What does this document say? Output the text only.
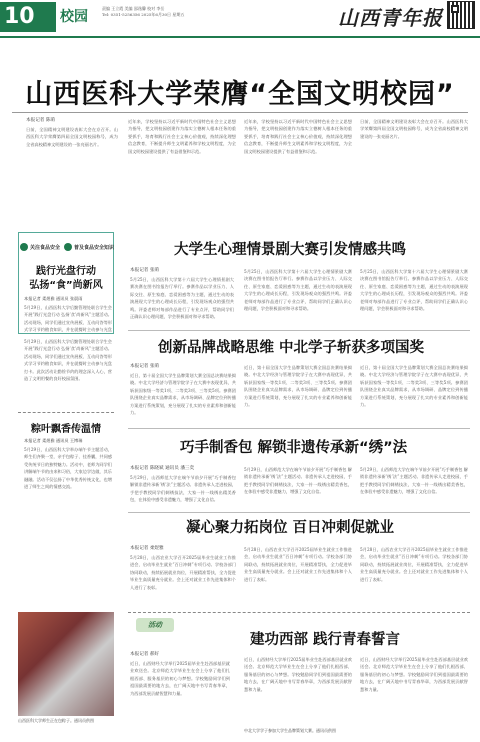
10	校园
责编 王立霞 美编 邵逸馨 校对 李岳
Tel: 0351-5256356 2025年6月30日 星期五	山西青年报
山西医科大学荣膺“全国文明校园”
本报记者 陈萌
日前，全国精神文明建设表彰大会在京召开。山西医科大学荣膺第四届全国文明校园称号，成为全省高校精神文明建设的一张亮丽名片。
近年来，学校坚持以习近平新时代中国特色社会主义思想为指导，把文明校园创建作为落实立德树人根本任务的重要抓手，培育和践行社会主义核心价值观，持续深化理想信念教育，不断提升师生文明素养和学校文明程度，为全国文明校园建设提供了有益借鉴和示范。
近年来，学校坚持以习近平新时代中国特色社会主义思想为指导，把文明校园创建作为落实立德树人根本任务的重要抓手，培育和践行社会主义核心价值观，持续深化理想信念教育，不断提升师生文明素养和学校文明程度，为全国文明校园建设提供了有益借鉴和示范。
日前，全国精神文明建设表彰大会在京召开。山西医科大学荣膺第四届全国文明校园称号，成为全省高校精神文明建设的一张亮丽名片。
关注食品安全	普及食品安全知识
践行光盘行动
弘扬“食”尚新风
本报记者 柔煜雅 通讯员 张晨雨
5月29日，山西医科大学后勤管理处联合学生会开展“践行光盘行动 弘扬‘食’尚新风”主题活动。活动现场，同学们通过宣传展板、互动问答等形式学习节约粮食知识，并在就餐时主动参与光盘
5月29日，山西医科大学后勤管理处联合学生会开展“践行光盘行动 弘扬‘食’尚新风”主题活动。活动现场，同学们通过宣传展板、互动问答等形式学习节约粮食知识，并在就餐时主动参与光盘打卡。此次活动让勤俭节约的理念深入人心，营造了文明用餐的良好校园氛围。
粽叶飘香传温情
本报记者 柔煜雅 通讯员 王博瑞
5月29日，山西医科大学举办端午节主题活动，师生们齐聚一堂，亲手包粽子、挂香囊，共同感受传统节日的独特魅力。活动中，老师为同学们讲解端午节的由来和习俗，大家边学边做，其乐融融。活动不仅弘扬了中华优秀传统文化，也增进了师生之间的情感交流。
山西医科大学师生正在包粽子。通讯员供图
大学生心理情景剧大赛引发情感共鸣
本报记者 张萌
5月25日，山西医科大学第十六届大学生心理情景剧大赛决赛在图书馆报告厅举行。参赛作品以学业压力、人际交往、原生家庭、恋爱困惑等为主题，通过生动的表演展现大学生的心理成长历程，引发现场观众的强烈共鸣。评委老师对每部作品进行了专业点评，帮助同学们正确认识心理问题，学会积极面对和寻求帮助。
5月25日，山西医科大学第十六届大学生心理情景剧大赛决赛在图书馆报告厅举行。参赛作品以学业压力、人际交往、原生家庭、恋爱困惑等为主题，通过生动的表演展现大学生的心理成长历程，引发现场观众的强烈共鸣。评委老师对每部作品进行了专业点评，帮助同学们正确认识心理问题，学会积极面对和寻求帮助。
5月25日，山西医科大学第十六届大学生心理情景剧大赛决赛在图书馆报告厅举行。参赛作品以学业压力、人际交往、原生家庭、恋爱困惑等为主题，通过生动的表演展现大学生的心理成长历程，引发现场观众的强烈共鸣。评委老师对每部作品进行了专业点评，帮助同学们正确认识心理问题，学会积极面对和寻求帮助。
创新品牌战略思维 中北学子斩获多项国奖
本报记者 张萌
近日，第十届全国大学生品牌策划大赛全国总决赛结果揭晓。中北大学经济与管理学院学子在大赛中表现优异，共斩获国家级一等奖1项、二等奖3项、三等奖5项。参赛团队围绕企业真实品牌需求，从市场调研、品牌定位到传播方案进行系统策划，充分展现了扎实的专业素养和创新能力。
近日，第十届全国大学生品牌策划大赛全国总决赛结果揭晓。中北大学经济与管理学院学子在大赛中表现优异，共斩获国家级一等奖1项、二等奖3项、三等奖5项。参赛团队围绕企业真实品牌需求，从市场调研、品牌定位到传播方案进行系统策划，充分展现了扎实的专业素养和创新能力。
近日，第十届全国大学生品牌策划大赛全国总决赛结果揭晓。中北大学经济与管理学院学子在大赛中表现优异，共斩获国家级一等奖1项、二等奖3项、三等奖5项。参赛团队围绕企业真实品牌需求，从市场调研、品牌定位到传播方案进行系统策划，充分展现了扎实的专业素养和创新能力。
巧手制香包 解锁非遗传承新“绣”法
本报记者 陈晓斌 通讯员 潘三奕
5月29日，山西师范大学在端午节前夕开展“巧手制香包 解锁非遗传承新‘绣’法”主题活动。非遗传承人走进校园，手把手教授同学们刺绣技法，大家一针一线绣出精美香包，在体验中感受非遗魅力，增强了文化自信。
5月29日，山西师范大学在端午节前夕开展“巧手制香包 解锁非遗传承新‘绣’法”主题活动。非遗传承人走进校园，手把手教授同学们刺绣技法，大家一针一线绣出精美香包，在体验中感受非遗魅力，增强了文化自信。
5月29日，山西师范大学在端午节前夕开展“巧手制香包 解锁非遗传承新‘绣’法”主题活动。非遗传承人走进校园，手把手教授同学们刺绣技法，大家一针一线绣出精美香包，在体验中感受非遗魅力，增强了文化自信。
凝心聚力拓岗位 百日冲刺促就业
本报记者 柔煜雅
5月28日，山西农业大学召开2025届毕业生就业工作推进会，启动毕业生就业“百日冲刺”专项行动。学校各部门协同联动，持续拓展就业岗位，开展精准帮扶，全力促进毕业生高质量充分就业。会上还对就业工作先进集体和个人进行了表彰。
5月28日，山西农业大学召开2025届毕业生就业工作推进会，启动毕业生就业“百日冲刺”专项行动。学校各部门协同联动，持续拓展就业岗位，开展精准帮扶，全力促进毕业生高质量充分就业。会上还对就业工作先进集体和个人进行了表彰。
5月28日，山西农业大学召开2025届毕业生就业工作推进会，启动毕业生就业“百日冲刺”专项行动。学校各部门协同联动，持续拓展就业岗位，开展精准帮扶，全力促进毕业生高质量充分就业。会上还对就业工作先进集体和个人进行了表彰。
活动
建功西部 践行青春誓言
本报记者 郝好
近日，山西财经大学举行2025届毕业生赴西部基层就业欢送会。北京师范大学毕业生在会上分享了他们扎根西部、服务基层的初心与梦想。学校勉励同学们到祖国最需要的地方去，在广阔天地中书写青春华章，为西部发展贡献智慧和力量。
近日，山西财经大学举行2025届毕业生赴西部基层就业欢送会。北京师范大学毕业生在会上分享了他们扎根西部、服务基层的初心与梦想。学校勉励同学们到祖国最需要的地方去，在广阔天地中书写青春华章，为西部发展贡献智慧和力量。
近日，山西财经大学举行2025届毕业生赴西部基层就业欢送会。北京师范大学毕业生在会上分享了他们扎根西部、服务基层的初心与梦想。学校勉励同学们到祖国最需要的地方去，在广阔天地中书写青春华章，为西部发展贡献智慧和力量。
中北大学学子参加大学生品牌策划大赛。通讯员供图
